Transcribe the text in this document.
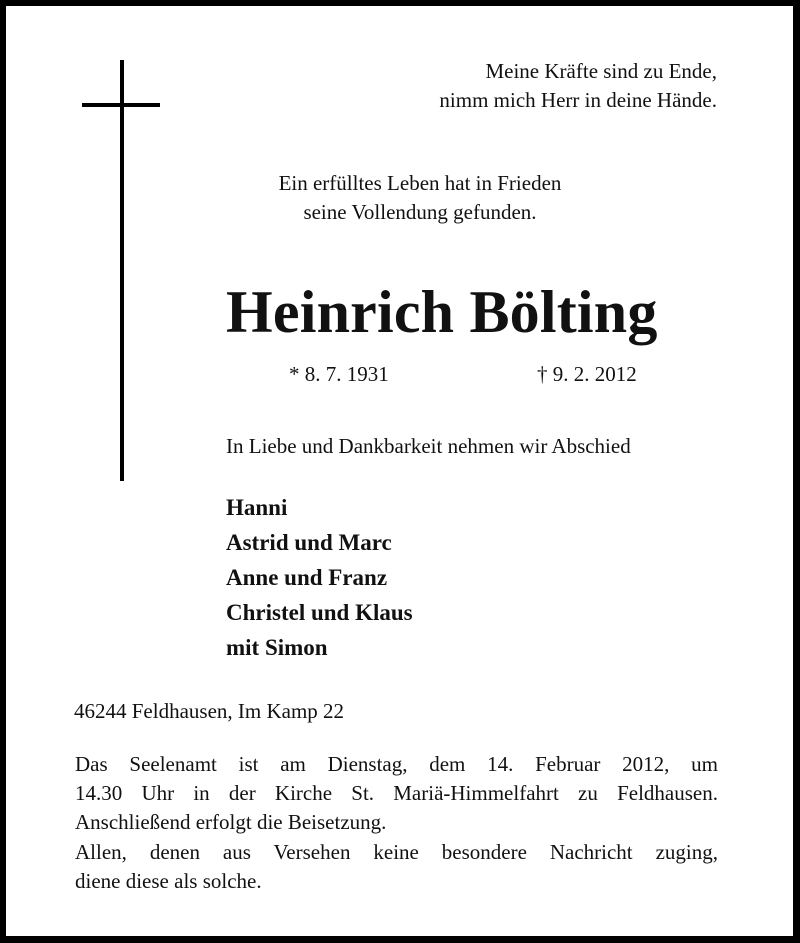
Meine Kräfte sind zu Ende,
nimm mich Herr in deine Hände.
Ein erfülltes Leben hat in Frieden
seine Vollendung gefunden.
Heinrich Bölting
* 8. 7. 1931	† 9. 2. 2012
In Liebe und Dankbarkeit nehmen wir Abschied
Hanni
Astrid und Marc
Anne und Franz
Christel und Klaus
mit Simon
46244 Feldhausen, Im Kamp 22
Das Seelenamt ist am Dienstag, dem 14. Februar 2012, um
14.30 Uhr in der Kirche St. Mariä-Himmelfahrt zu Feldhausen.
Anschließend erfolgt die Beisetzung.
Allen, denen aus Versehen keine besondere Nachricht zuging,
diene diese als solche.
